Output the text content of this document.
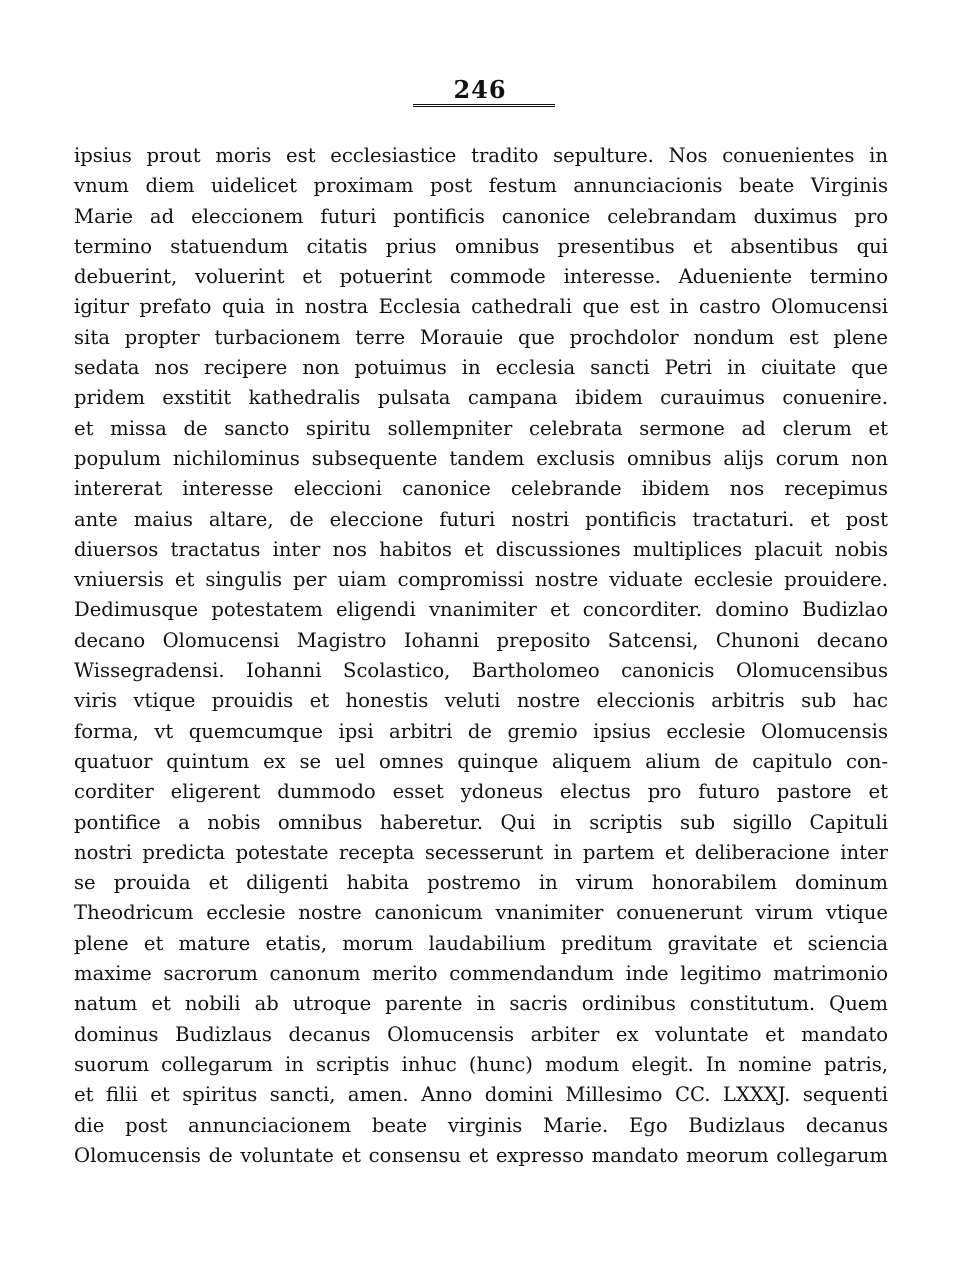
246
ipsius prout moris est ecclesiastice tradito sepulture. Nos conuenientes in
vnum diem uidelicet proximam post festum annunciacionis beate Virginis
Marie ad eleccionem futuri pontificis canonice celebrandam duximus pro
termino statuendum citatis prius omnibus presentibus et absentibus qui
debuerint, voluerint et potuerint commode interesse. Adueniente termino
igitur prefato quia in nostra Ecclesia cathedrali que est in castro Olomucensi
sita propter turbacionem terre Morauie que prochdolor nondum est plene
sedata nos recipere non potuimus in ecclesia sancti Petri in ciuitate que
pridem exstitit kathedralis pulsata campana ibidem curauimus conuenire.
et missa de sancto spiritu sollempniter celebrata sermone ad clerum et
populum nichilominus subsequente tandem exclusis omnibus alijs corum non
intererat interesse eleccioni canonice celebrande ibidem nos recepimus
ante maius altare, de eleccione futuri nostri pontificis tractaturi. et post
diuersos tractatus inter nos habitos et discussiones multiplices placuit nobis
vniuersis et singulis per uiam compromissi nostre viduate ecclesie prouidere.
Dedimusque potestatem eligendi vnanimiter et concorditer. domino Budizlao
decano Olomucensi Magistro Iohanni preposito Satcensi, Chunoni decano
Wissegradensi. Iohanni Scolastico, Bartholomeo canonicis Olomucensibus
viris vtique prouidis et honestis veluti nostre eleccionis arbitris sub hac
forma, vt quemcumque ipsi arbitri de gremio ipsius ecclesie Olomucensis
quatuor quintum ex se uel omnes quinque aliquem alium de capitulo con-
corditer eligerent dummodo esset ydoneus electus pro futuro pastore et
pontifice a nobis omnibus haberetur. Qui in scriptis sub sigillo Capituli
nostri predicta potestate recepta secesserunt in partem et deliberacione inter
se prouida et diligenti habita postremo in virum honorabilem dominum
Theodricum ecclesie nostre canonicum vnanimiter conuenerunt virum vtique
plene et mature etatis, morum laudabilium preditum gravitate et sciencia
maxime sacrorum canonum merito commendandum inde legitimo matrimonio
natum et nobili ab utroque parente in sacris ordinibus constitutum. Quem
dominus Budizlaus decanus Olomucensis arbiter ex voluntate et mandato
suorum collegarum in scriptis inhuc (hunc) modum elegit. In nomine patris,
et filii et spiritus sancti, amen. Anno domini Millesimo CC. LXXXJ. sequenti
die post annunciacionem beate virginis Marie. Ego Budizlaus decanus
Olomucensis de voluntate et consensu et expresso mandato meorum collegarum
